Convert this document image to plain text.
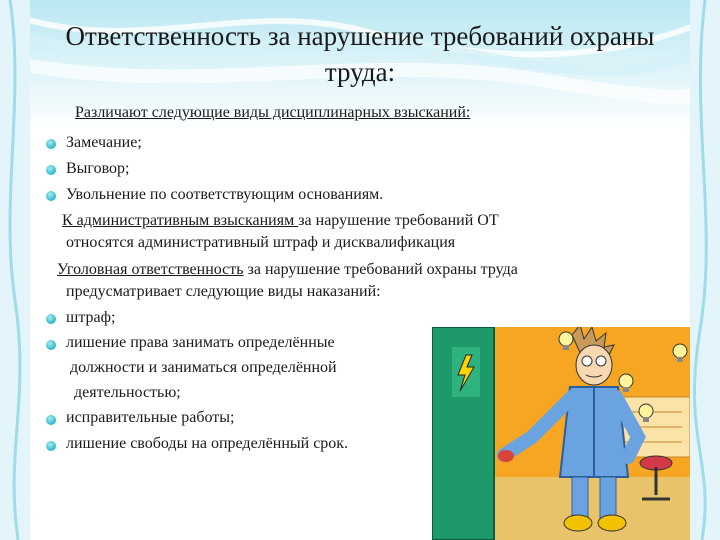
Ответственность за нарушение требований охраны
труда:
Различают следующие виды дисциплинарных взысканий:
Замечание;
Выговор;
Увольнение по соответствующим основаниям.
К административным взысканиям за нарушение требований ОТ
относятся административный штраф и дисквалификация
Уголовная ответственность за нарушение требований охраны труда
предусматривает следующие виды наказаний:
штраф;
лишение права занимать определённые
должности и заниматься определённой
деятельностью;
исправительные работы;
лишение свободы на определённый срок.
